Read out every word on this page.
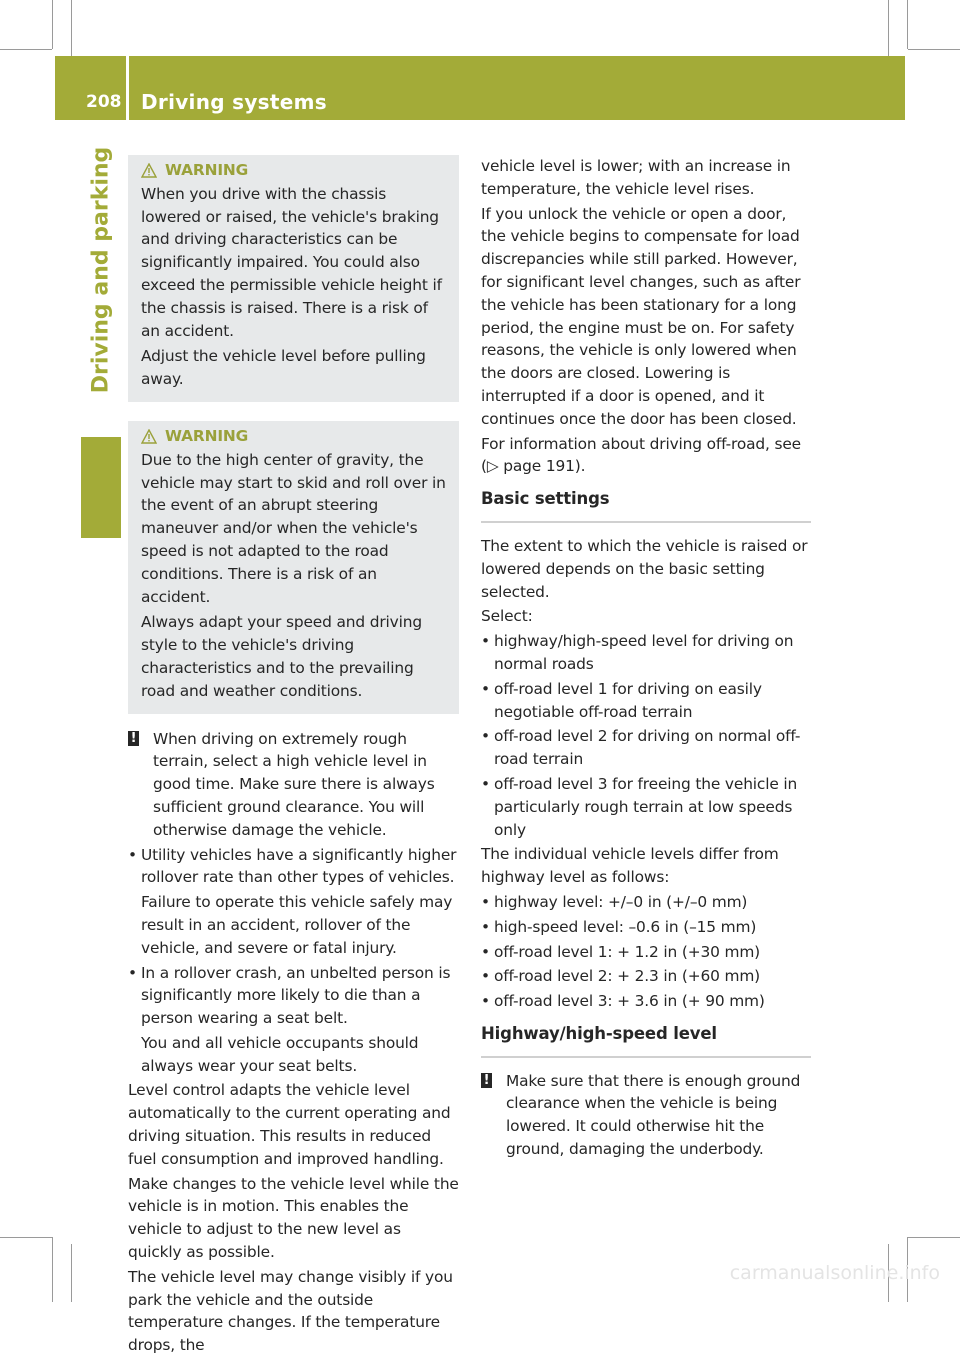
208 Driving systems
Driving and parking	WARNING

When you drive with the chassis lowered or raised, the vehicle's braking and driving characteristics can be significantly impaired. You could also exceed the permissible vehicle height if the chassis is raised. There is a risk of an accident.

Adjust the vehicle level before pulling away.

WARNING

Due to the high center of gravity, the vehicle may start to skid and roll over in the event of an abrupt steering maneuver and/or when the vehicle's speed is not adapted to the road conditions. There is a risk of an accident.

Always adapt your speed and driving style to the vehicle's driving characteristics and to the prevailing road and weather conditions.

! When driving on extremely rough terrain, select a high vehicle level in good time. Make sure there is always sufficient ground clearance. You will otherwise damage the vehicle.
• Utility vehicles have a significantly higher rollover rate than other types of vehicles.

Failure to operate this vehicle safely may result in an accident, rollover of the vehicle, and severe or fatal injury.

• In a rollover crash, an unbelted person is significantly more likely to die than a person wearing a seat belt.

You and all vehicle occupants should always wear your seat belts.

Level control adapts the vehicle level automatically to the current operating and driving situation. This results in reduced fuel consumption and improved handling.

Make changes to the vehicle level while the vehicle is in motion. This enables the vehicle to adjust to the new level as quickly as possible.

The vehicle level may change visibly if you park the vehicle and the outside temperature changes. If the temperature drops, the

vehicle level is lower; with an increase in temperature, the vehicle level rises.

If you unlock the vehicle or open a door, the vehicle begins to compensate for load discrepancies while still parked. However, for significant level changes, such as after the vehicle has been stationary for a long period, the engine must be on. For safety reasons, the vehicle is only lowered when the doors are closed. Lowering is interrupted if a door is opened, and it continues once the door has been closed.

For information about driving off-road, see (▷ page 191).

Basic settings

The extent to which the vehicle is raised or lowered depends on the basic setting selected.

Select:

• highway/high-speed level for driving on normal roads
• off-road level 1 for driving on easily negotiable off-road terrain
• off-road level 2 for driving on normal off-road terrain
• off-road level 3 for freeing the vehicle in particularly rough terrain at low speeds only

The individual vehicle levels differ from highway level as follows:

• highway level: +/–0 in (+/–0 mm)
• high-speed level: –0.6 in (–15 mm)
• off-road level 1: + 1.2 in (+30 mm)
• off-road level 2: + 2.3 in (+60 mm)
• off-road level 3: + 3.6 in (+ 90 mm)
Highway/high-speed level
! Make sure that there is enough ground clearance when the vehicle is being lowered. It could otherwise hit the ground, damaging the underbody.
carmanualsonline.info
